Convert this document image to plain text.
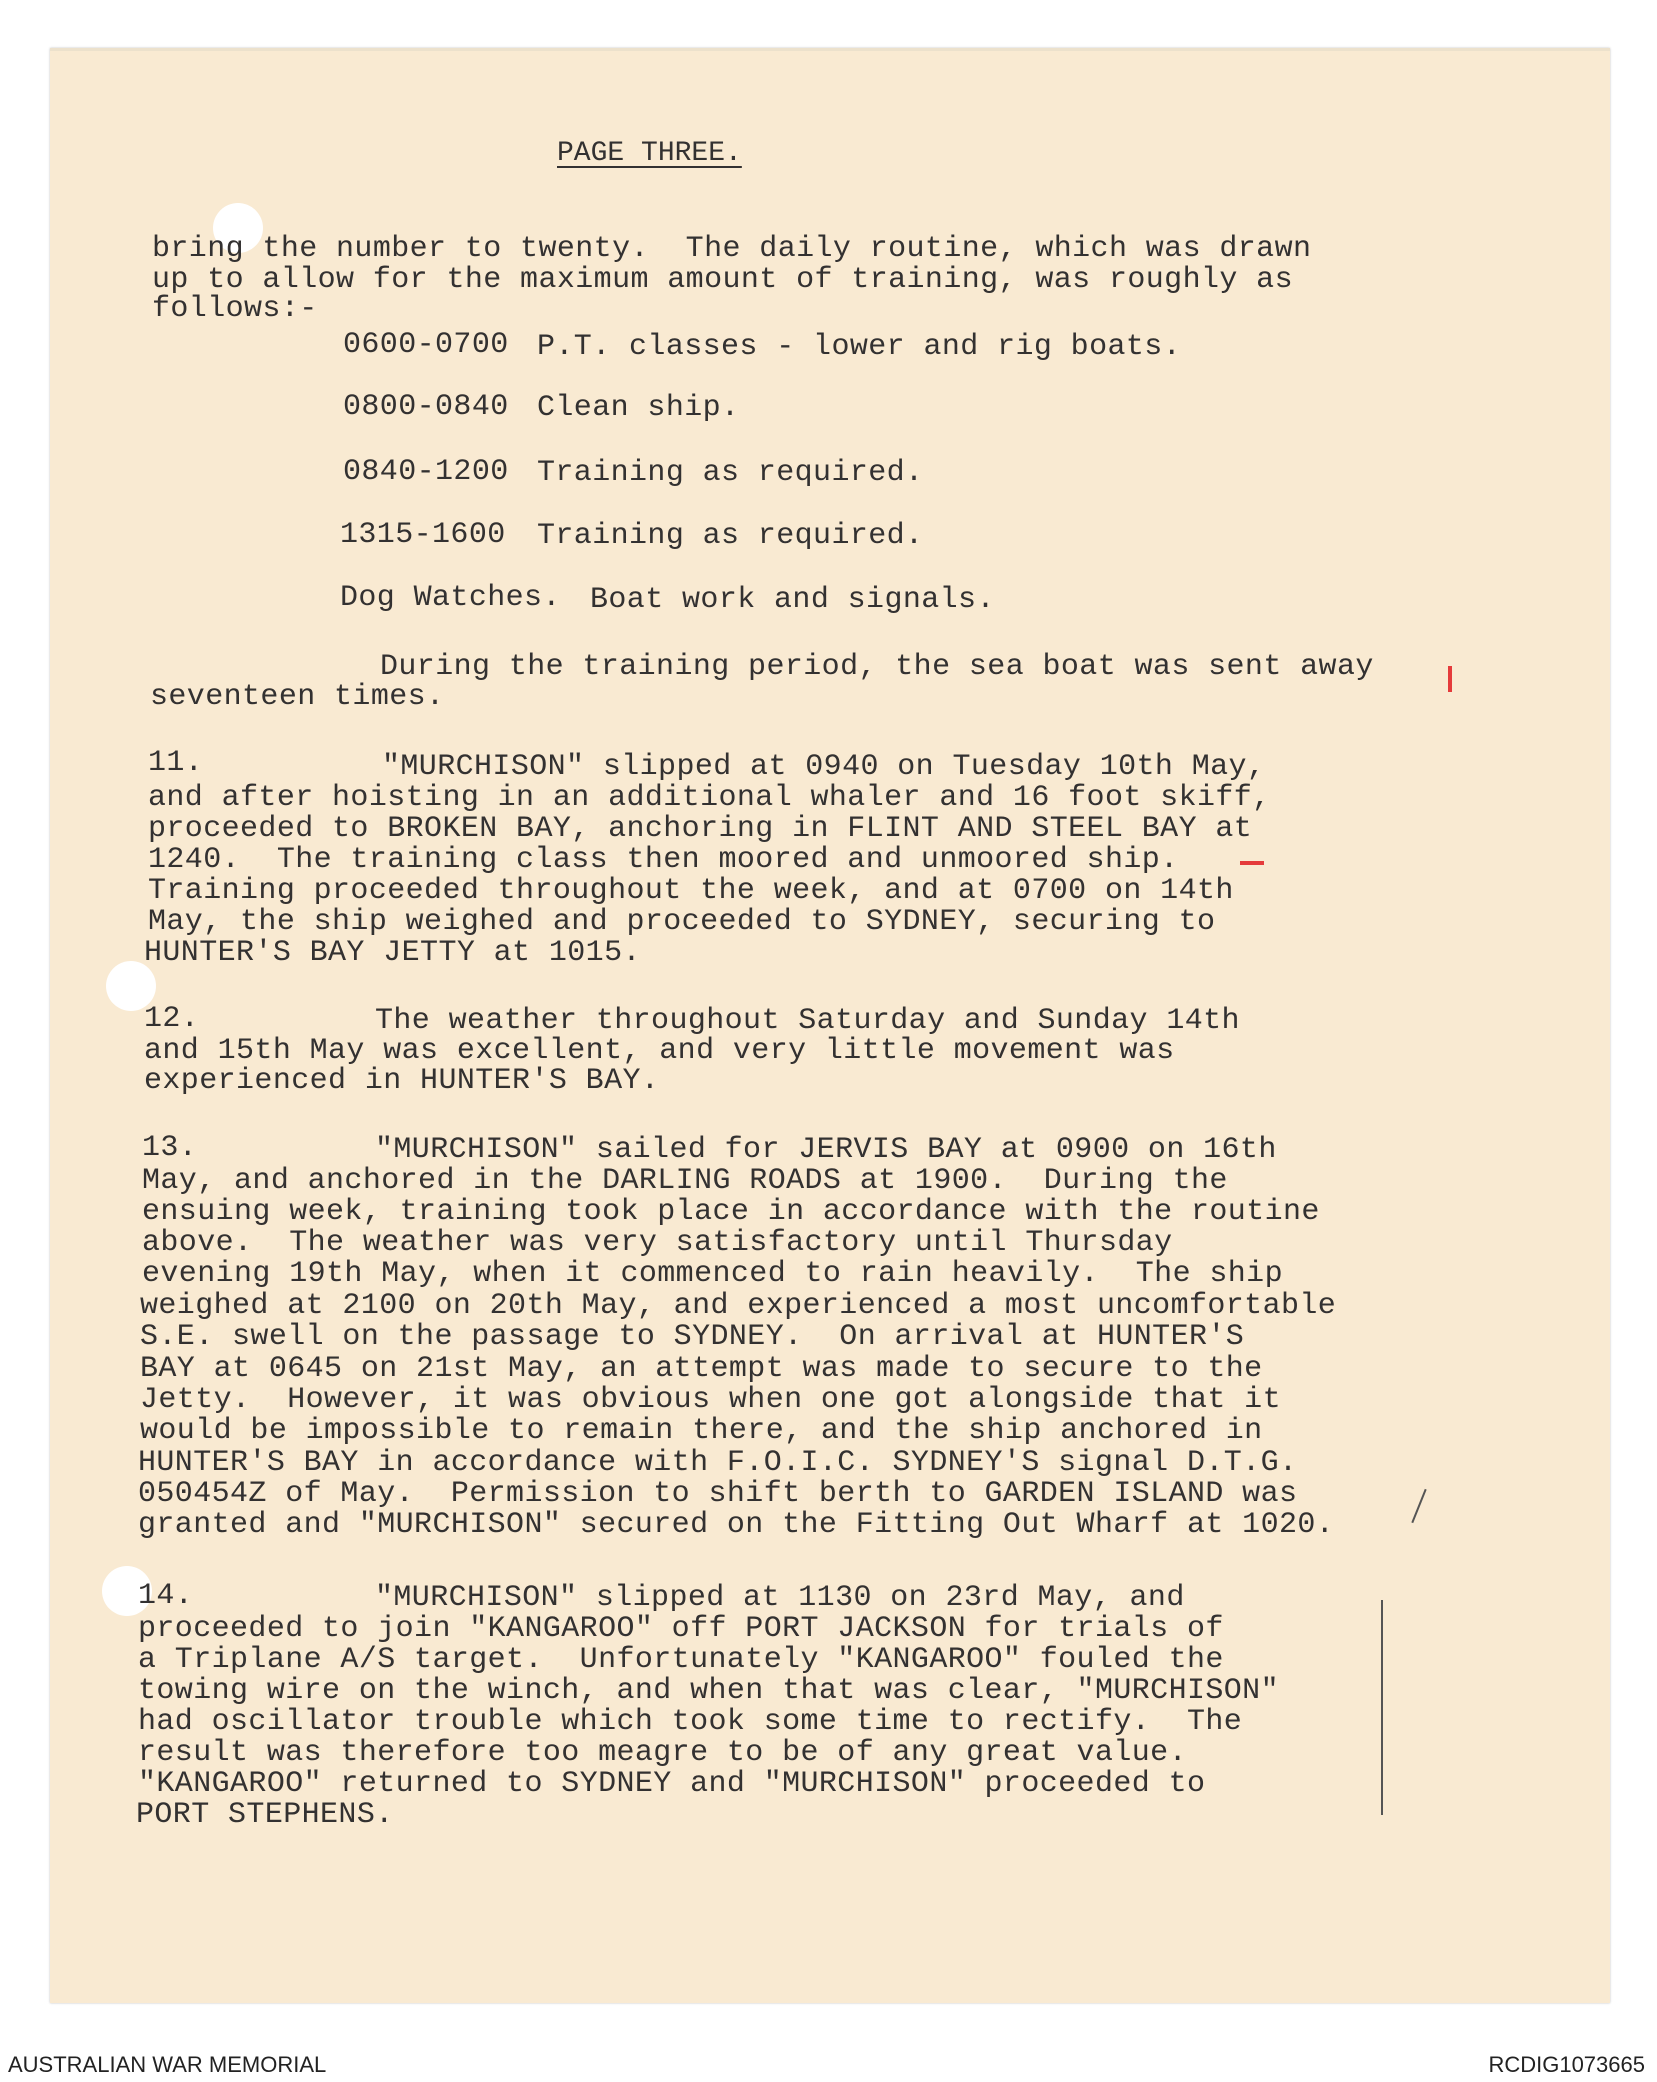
PAGE THREE.
bring the number to twenty.  The daily routine, which was drawn
up to allow for the maximum amount of training, was roughly as
follows:-
0600-0700 P.T. classes - lower and rig boats.
0800-0840 Clean ship.
0840-1200 Training as required.
1315-1600 Training as required.
Dog Watches. Boat work and signals.
During the training period, the sea boat was sent away
seventeen times.
11.	"MURCHISON" slipped at 0940 on Tuesday 10th May,
and after hoisting in an additional whaler and 16 foot skiff,
proceeded to BROKEN BAY, anchoring in FLINT AND STEEL BAY at
1240.  The training class then moored and unmoored ship.
Training proceeded throughout the week, and at 0700 on 14th
May, the ship weighed and proceeded to SYDNEY, securing to
HUNTER'S BAY JETTY at 1015.
12.	The weather throughout Saturday and Sunday 14th
and 15th May was excellent, and very little movement was
experienced in HUNTER'S BAY.
13.	"MURCHISON" sailed for JERVIS BAY at 0900 on 16th
May, and anchored in the DARLING ROADS at 1900.  During the
ensuing week, training took place in accordance with the routine
above.  The weather was very satisfactory until Thursday
evening 19th May, when it commenced to rain heavily.  The ship
weighed at 2100 on 20th May, and experienced a most uncomfortable
S.E. swell on the passage to SYDNEY.  On arrival at HUNTER'S
BAY at 0645 on 21st May, an attempt was made to secure to the
Jetty.  However, it was obvious when one got alongside that it
would be impossible to remain there, and the ship anchored in
HUNTER'S BAY in accordance with F.O.I.C. SYDNEY'S signal D.T.G.
050454Z of May.  Permission to shift berth to GARDEN ISLAND was
granted and "MURCHISON" secured on the Fitting Out Wharf at 1020.
14.	"MURCHISON" slipped at 1130 on 23rd May, and
proceeded to join "KANGAROO" off PORT JACKSON for trials of
a Triplane A/S target.  Unfortunately "KANGAROO" fouled the
towing wire on the winch, and when that was clear, "MURCHISON"
had oscillator trouble which took some time to rectify.  The
result was therefore too meagre to be of any great value.
"KANGAROO" returned to SYDNEY and "MURCHISON" proceeded to
PORT STEPHENS.
AUSTRALIAN WAR MEMORIAL	RCDIG1073665
